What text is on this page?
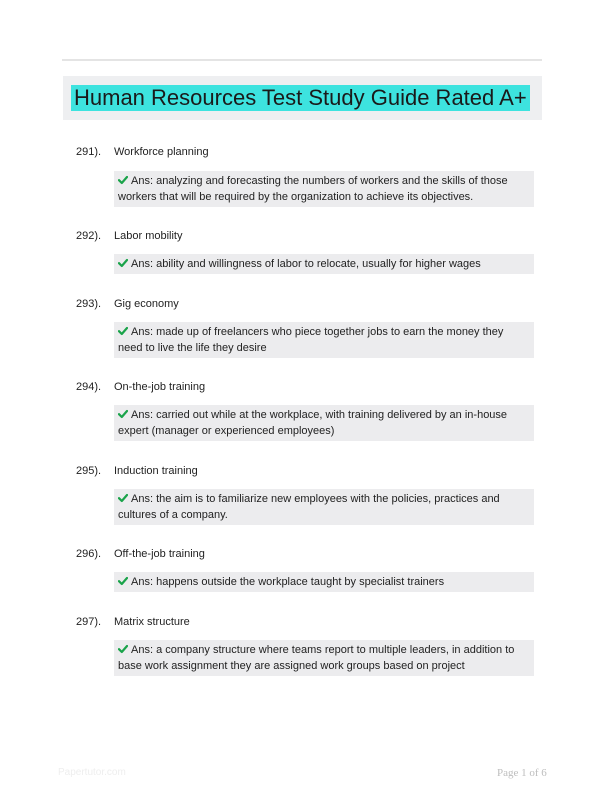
Human Resources Test Study Guide Rated A+
291). Workforce planning
Ans: analyzing and forecasting the numbers of workers and the skills of those workers that will be required by the organization to achieve its objectives.
292). Labor mobility
Ans: ability and willingness of labor to relocate, usually for higher wages
293). Gig economy
Ans: made up of freelancers who piece together jobs to earn the money they need to live the life they desire
294). On-the-job training
Ans: carried out while at the workplace, with training delivered by an in-house expert (manager or experienced employees)
295). Induction training
Ans: the aim is to familiarize new employees with the policies, practices and cultures of a company.
296). Off-the-job training
Ans: happens outside the workplace taught by specialist trainers
297). Matrix structure
Ans: a company structure where teams report to multiple leaders, in addition to base work assignment they are assigned work groups based on project
Papertutor.com	Page 1 of 6
